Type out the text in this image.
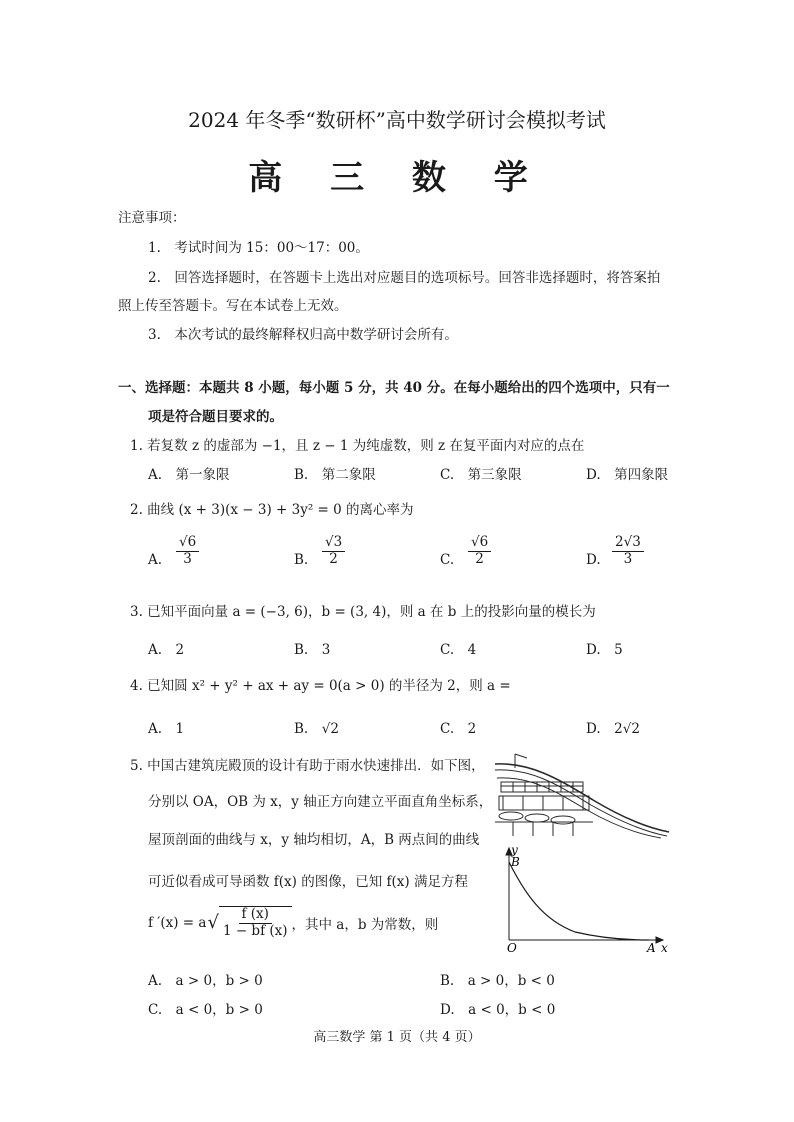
2024 年冬季“数研杯”高中数学研讨会模拟考试
高 三 数 学
注意事项：
1.　考试时间为 15：00～17：00。
2.　回答选择题时，在答题卡上选出对应题目的选项标号。回答非选择题时，将答案拍
照上传至答题卡。写在本试卷上无效。
3.　本次考试的最终解释权归高中数学研讨会所有。
一、选择题：本题共 8 小题，每小题 5 分，共 40 分。在每小题给出的四个选项中，只有一
项是符合题目要求的。
1. 若复数 z 的虚部为 −1，且 z − 1 为纯虚数，则 z 在复平面内对应的点在
A.　第一象限	B.　第二象限	C.　第三象限	D.　第四象限
2. 曲线 (x + 3)(x − 3) + 3y² = 0 的离心率为
A. $\frac{√6}{3}$	B. $\frac{√3}{2}$	C. $\frac{√6}{2}$	D. $\frac{2√3}{3}$
3. 已知平面向量 a = (−3, 6)，b = (3, 4)，则 a 在 b 上的投影向量的模长为
A.　2	B.　3	C.　4	D.　5
4. 已知圆 x² + y² + ax + ay = 0(a > 0) 的半径为 2，则 a =
A.　1	B.　√2	C.　2	D.　2√2
5. 中国古建筑庑殿顶的设计有助于雨水快速排出．如下图，
分别以 OA，OB 为 x，y 轴正方向建立平面直角坐标系，
屋顶剖面的曲线与 x，y 轴均相切，A，B 两点间的曲线
可近似看成可导函数 f(x) 的图像，已知 f(x) 满足方程
f ′(x) = a √ $\frac{f (x)}{1 - bf (x)}$ ，其中 a，b 为常数，则
A.　a > 0，b > 0	B.　a > 0，b < 0
C.　a < 0，b > 0	D.　a < 0，b < 0
y
B
O	A x
高三数学 第 1 页（共 4 页）
